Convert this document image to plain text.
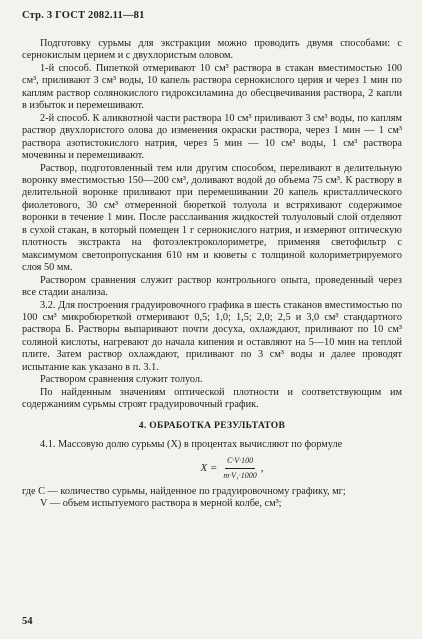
Стр. 3 ГОСТ 2082.11—81

Подготовку сурьмы для экстракции можно проводить двумя способами: с сернокислым церием и с двухлористым оловом.

1-й способ. Пипеткой отмеривают 10 см³ раствора в стакан вместимостью 100 см³, приливают 3 см³ воды, 10 капель раствора сернокислого церия и через 1 мин по каплям раствор солянокислого гидроксиламина до обесцвечивания раствора, 2 капли в избыток и перемешивают.

2-й способ. К аликвотной части раствора 10 см³ приливают 3 см³ воды, по каплям раствор двухлористого олова до изменения окраски раствора, через 1 мин — 1 см³ раствора азотистокислого натрия, через 5 мин — 10 см³ воды, 1 см³ раствора мочевины и перемешивают.

Раствор, подготовленный тем или другим способом, переливают в делительную воронку вместимостью 150—200 см³, доливают водой до объема 75 см³. К раствору в делительной воронке приливают при перемешивании 20 капель кристаллического фиолетового, 30 см³ отмеренной бюреткой толуола и встряхивают содержимое воронки в течение 1 мин. После расслаивания жидкостей толуоловый слой отделяют в сухой стакан, в который помещен 1 г сернокислого натрия, и измеряют оптическую плотность экстракта на фотоэлектроколориметре, применяя светофильтр с максимумом светопропускания 610 нм и кюветы с толщиной колориметрируемого слоя 50 мм.

Раствором сравнения служит раствор контрольного опыта, проведенный через все стадии анализа.

3.2. Для построения градуировочного графика в шесть стаканов вместимостью по 100 см³ микробюреткой отмеривают 0,5; 1,0; 1,5; 2,0; 2,5 и 3,0 см³ стандартного раствора Б. Растворы выпаривают почти досуха, охлаждают, приливают по 10 см³ соляной кислоты, нагревают до начала кипения и оставляют на 5—10 мин на теплой плите. Затем раствор охлаждают, приливают по 3 см³ воды и далее проводят испытание как указано в п. 3.1.

Раствором сравнения служит толуол.

По найденным значениям оптической плотности и соответствующим им содержаниям сурьмы строят градуировочный график.

4. ОБРАБОТКА РЕЗУЛЬТАТОВ

4.1. Массовую долю сурьмы (X) в процентах вычисляют по формуле

$X = \frac{C\cdot V\cdot 100}{\text{m·V₁·1000}}$ ,

где C — количество сурьмы, найденное по градуировочному графику, мг;

V — объем испытуемого раствора в мерной колбе, см³;

54
